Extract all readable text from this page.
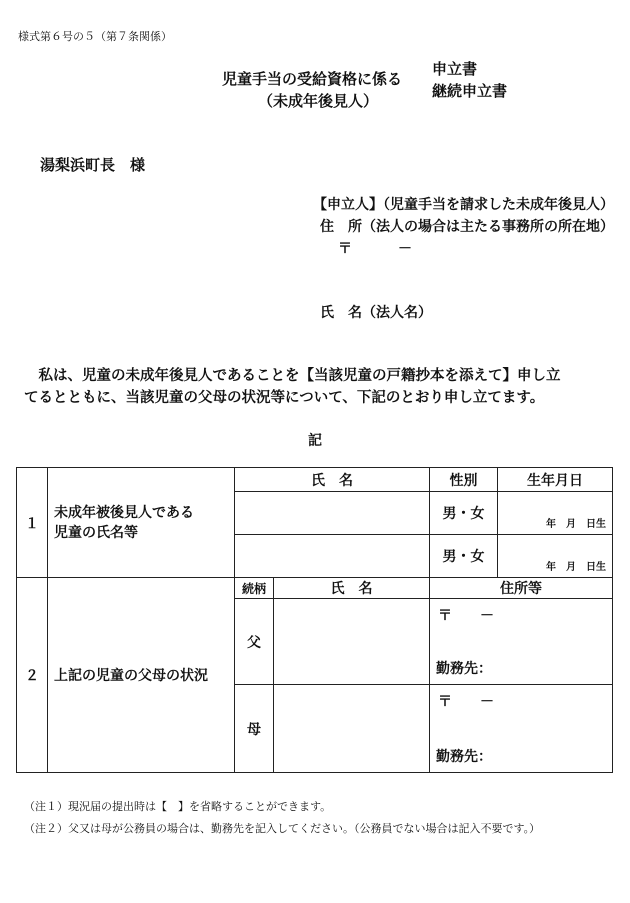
様式第６号の５（第７条関係）
児童手当の受給資格に係る
（未成年後見人）
申立書
継続申立書
湯梨浜町長　様
【申立人】（児童手当を請求した未成年後見人）
住　所（法人の場合は主たる事務所の所在地）
〒	－
氏　名（法人名）
　私は、児童の未成年後見人であることを【当該児童の戸籍抄本を添えて】申し立
てるとともに、当該児童の父母の状況等について、下記のとおり申し立てます。
記
１	未成年被後見人である
児童の氏名等	氏　名		性別	生年月日
				男・女	年　月　日生
				男・女	年　月　日生
２	上記の児童の父母の状況	続柄	氏　名	住所等	
		父		〒 －
勤務先：	

		母		〒 －
勤務先：	
（注１）現況届の提出時は【　】を省略することができます。
（注２）父又は母が公務員の場合は、勤務先を記入してください。（公務員でない場合は記入不要です。）
